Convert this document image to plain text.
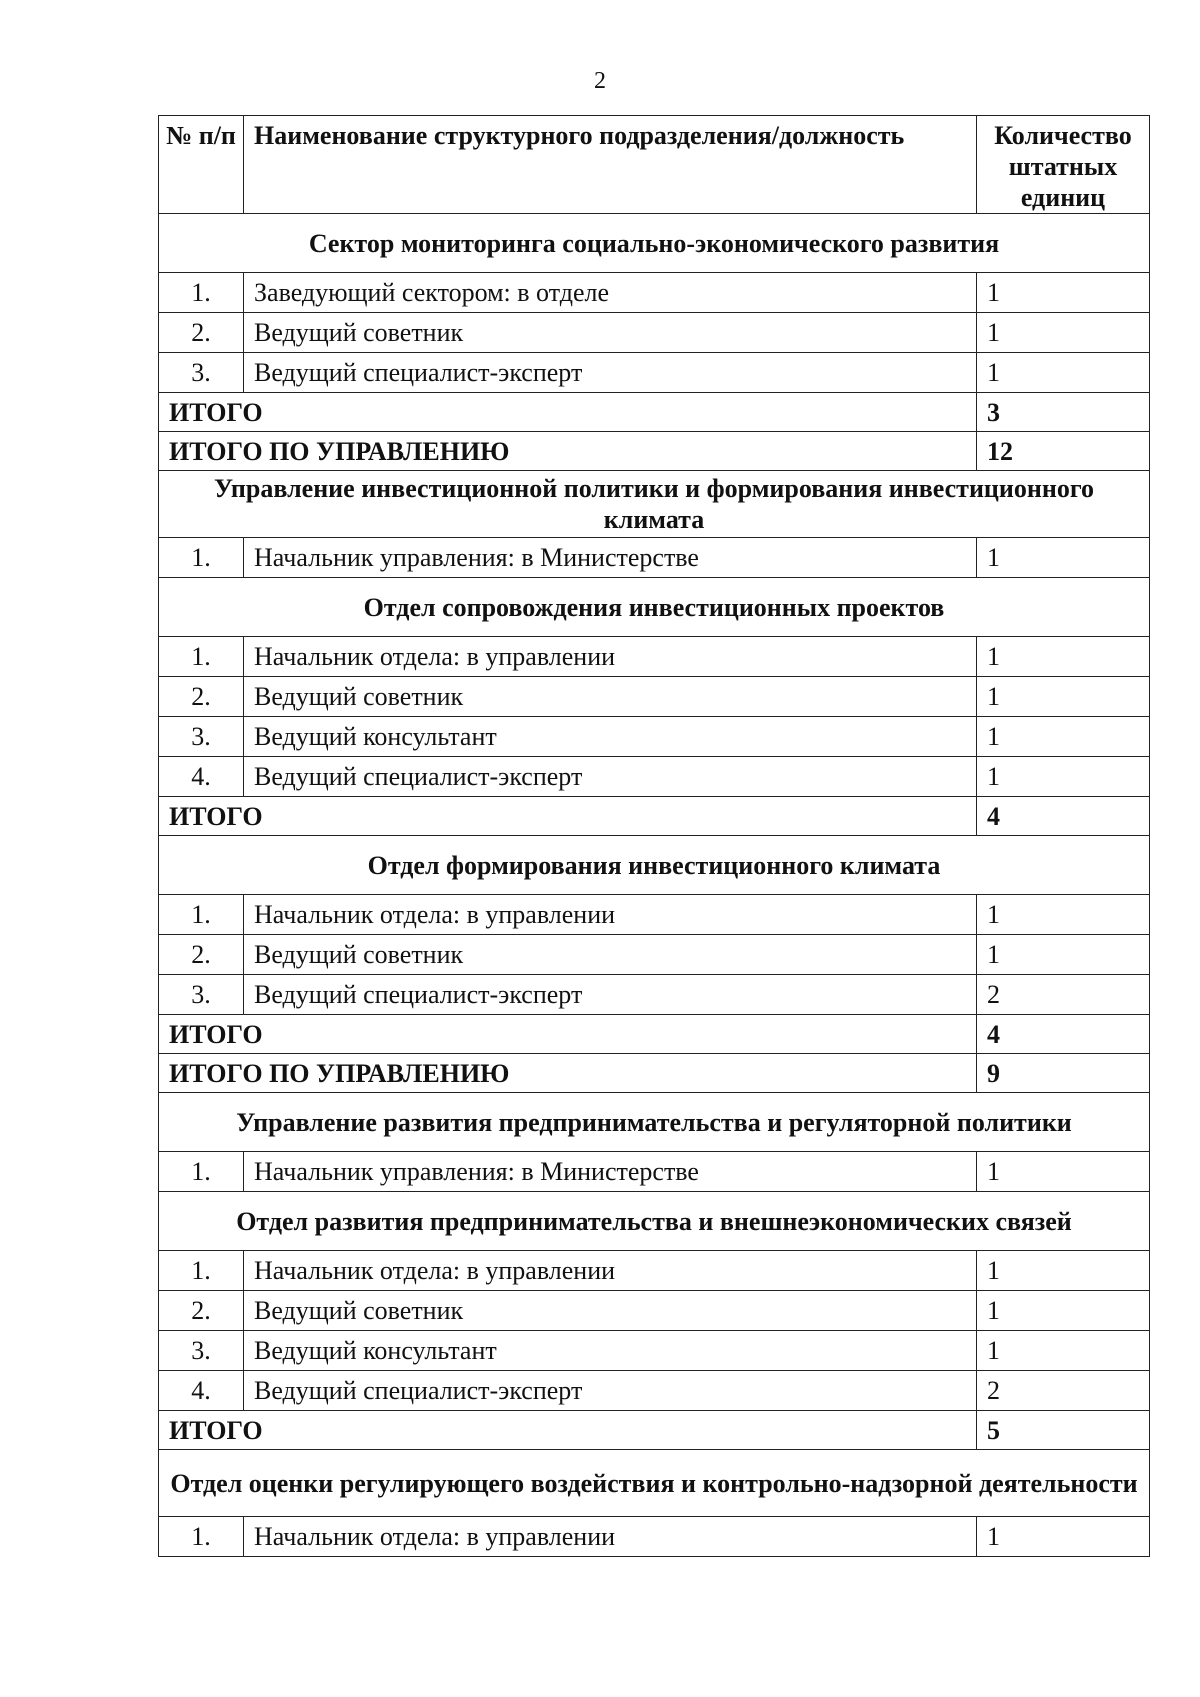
2
№ п/п	Наименование структурного подразделения/должность	Количество штатных единиц
Сектор мониторинга социально-экономического развития		
1.	Заведующий сектором: в отделе	1
2.	Ведущий советник	1
3.	Ведущий специалист-эксперт	1
ИТОГО		3
ИТОГО ПО УПРАВЛЕНИЮ		12
Управление инвестиционной политики и формирования инвестиционного климата		
1.	Начальник управления: в Министерстве	1
Отдел сопровождения инвестиционных проектов		
1.	Начальник отдела: в управлении	1
2.	Ведущий советник	1
3.	Ведущий консультант	1
4.	Ведущий специалист-эксперт	1
ИТОГО		4
Отдел формирования инвестиционного климата		
1.	Начальник отдела: в управлении	1
2.	Ведущий советник	1
3.	Ведущий специалист-эксперт	2
ИТОГО		4
ИТОГО ПО УПРАВЛЕНИЮ		9
Управление развития предпринимательства и регуляторной политики		
1.	Начальник управления: в Министерстве	1
Отдел развития предпринимательства и внешнеэкономических связей		
1.	Начальник отдела: в управлении	1
2.	Ведущий советник	1
3.	Ведущий консультант	1
4.	Ведущий специалист-эксперт	2
ИТОГО		5
Отдел оценки регулирующего воздействия и контрольно-надзорной деятельности		
1.	Начальник отдела: в управлении	1
